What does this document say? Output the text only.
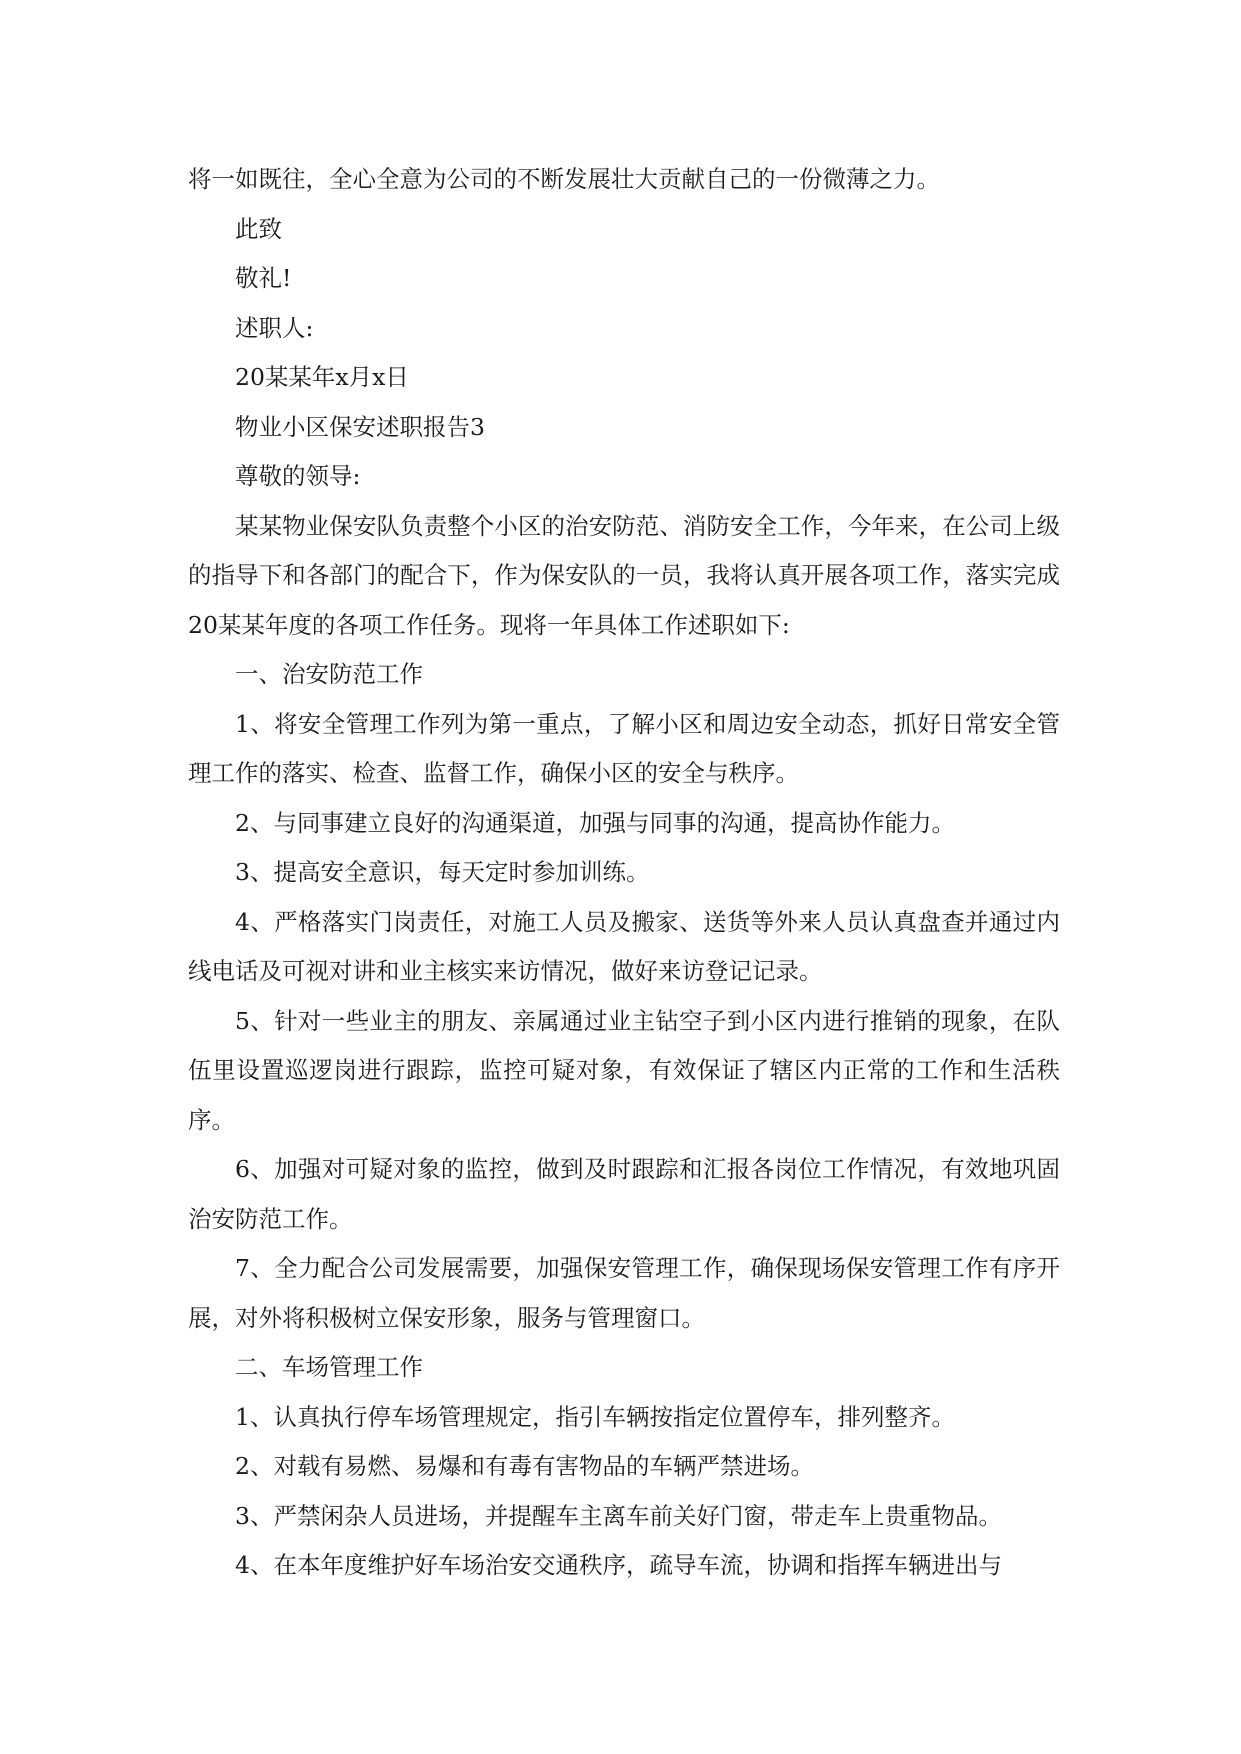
将一如既往，全心全意为公司的不断发展壮大贡献自己的一份微薄之力。

此致

敬礼!

述职人:

20某某年x月x日

物业小区保安述职报告3

尊敬的领导:

某某物业保安队负责整个小区的治安防范、消防安全工作，今年来，在公司上级的指导下和各部门的配合下，作为保安队的一员，我将认真开展各项工作，落实完成20某某年度的各项工作任务。现将一年具体工作述职如下:

一、治安防范工作

1、将安全管理工作列为第一重点，了解小区和周边安全动态，抓好日常安全管理工作的落实、检查、监督工作，确保小区的安全与秩序。

2、与同事建立良好的沟通渠道，加强与同事的沟通，提高协作能力。

3、提高安全意识，每天定时参加训练。

4、严格落实门岗责任，对施工人员及搬家、送货等外来人员认真盘查并通过内线电话及可视对讲和业主核实来访情况，做好来访登记记录。

5、针对一些业主的朋友、亲属通过业主钻空子到小区内进行推销的现象，在队伍里设置巡逻岗进行跟踪，监控可疑对象，有效保证了辖区内正常的工作和生活秩序。

6、加强对可疑对象的监控，做到及时跟踪和汇报各岗位工作情况，有效地巩固治安防范工作。

7、全力配合公司发展需要，加强保安管理工作，确保现场保安管理工作有序开展，对外将积极树立保安形象，服务与管理窗口。

二、车场管理工作

1、认真执行停车场管理规定，指引车辆按指定位置停车，排列整齐。

2、对载有易燃、易爆和有毒有害物品的车辆严禁进场。

3、严禁闲杂人员进场，并提醒车主离车前关好门窗，带走车上贵重物品。

4、在本年度维护好车场治安交通秩序，疏导车流，协调和指挥车辆进出与
